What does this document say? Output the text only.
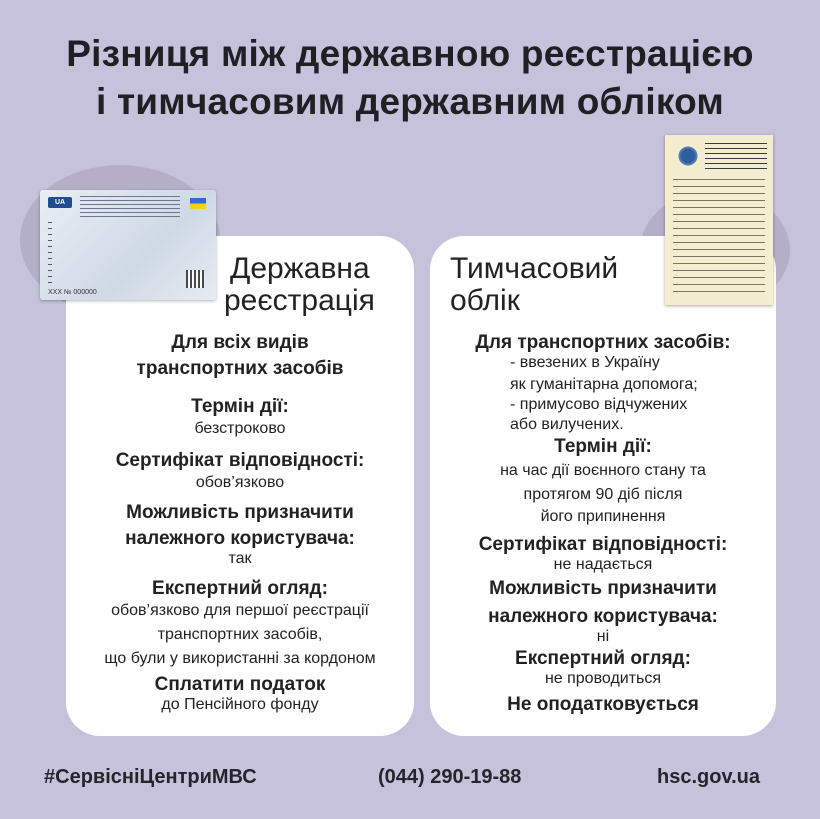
Різниця між державною реєстрацією
і тимчасовим державним обліком
Державна
реєстрація
Для всіх видів
транспортних засобів
Термін дії:
безстроково
Сертифікат відповідності:
обов’язково
Можливість призначити
належного користувача:
так
Експертний огляд:
обов’язково для першої реєстрації
транспортних засобів,
що були у використанні за кордоном
Сплатити податок
до Пенсійного фонду
Тимчасовий
облік
Для транспортних засобів:
- ввезених в Україну
як гуманітарна допомога;
- примусово відчужених
або вилучених.
Термін дії:
на час дії воєнного стану та
протягом 90 діб після
його припинення
Сертифікат відповідності:
не надається
Можливість призначити
належного користувача:
ні
Експертний огляд:
не проводиться
Не оподатковується
UA
XXX № 000000
#СервісніЦентриМВС	(044) 290-19-88	hsc.gov.ua
